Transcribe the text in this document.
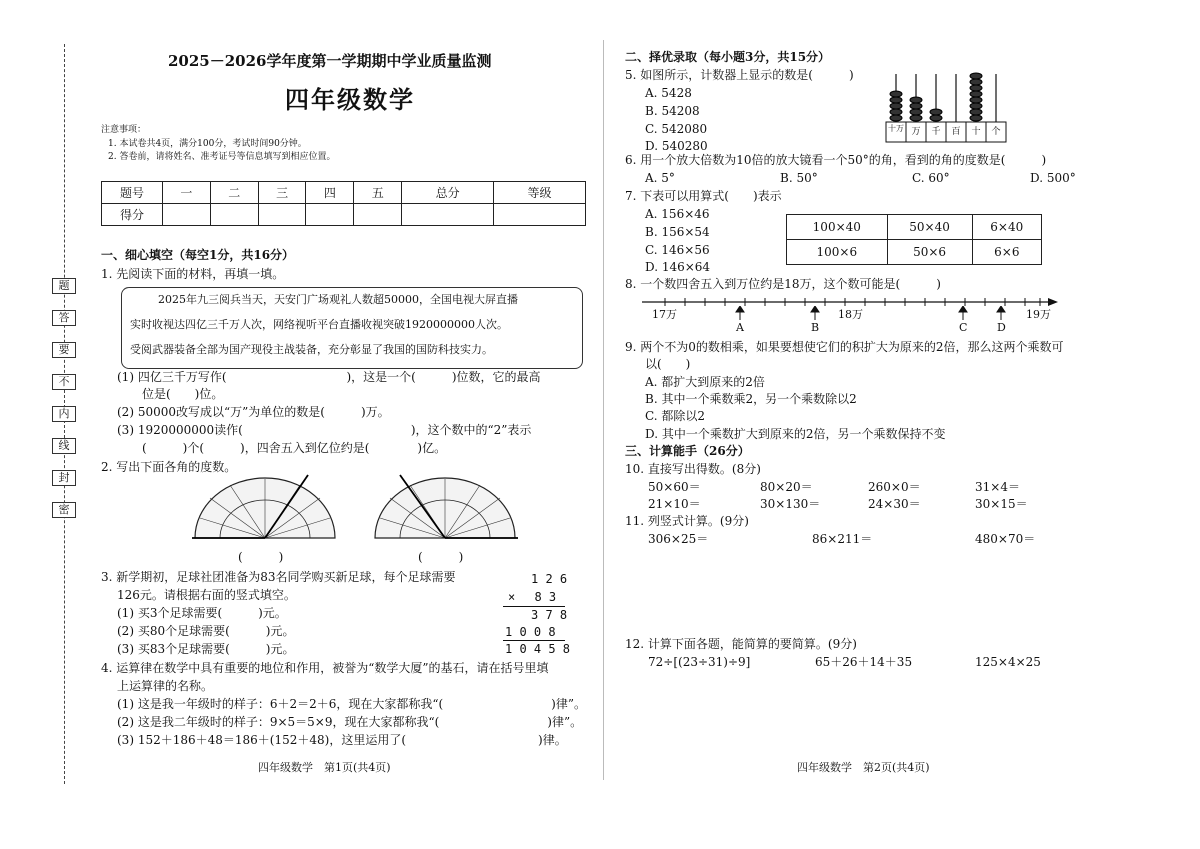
题
答
要
不
内
线
封
密
2025－2026学年度第一学期期中学业质量监测
四年级数学
注意事项：
1. 本试卷共4页，满分100分，考试时间90分钟。
2. 答卷前，请将姓名、准考证号等信息填写到相应位置。
题号	一	二	三	四	五	总分	等级
得分							
一、细心填空（每空1分，共16分）
1. 先阅读下面的材料，再填一填。
2025年九三阅兵当天，天安门广场观礼人数超50000，全国电视大屏直播
实时收视达四亿三千万人次，网络视听平台直播收视突破1920000000人次。
受阅武器装备全部为国产现役主战装备，充分彰显了我国的国防科技实力。
(1) 四亿三千万写作(　　　　　　　　　　)，这是一个(　　　)位数，它的最高
位是(　　)位。
(2) 50000改写成以“万”为单位的数是(　　　)万。
(3) 1920000000读作(　　　　　　　　　　　　　　)，这个数中的“2”表示
(　　　)个(　　　)，四舍五入到亿位约是(　　　　)亿。
2. 写出下面各角的度数。
(　　　)	(　　　)
3. 新学期初，足球社团准备为83名同学购买新足球，每个足球需要
126元。请根据右面的竖式填空。
(1) 买3个足球需要(　　　)元。
(2) 买80个足球需要(　　　)元。
(3) 买83个足球需要(　　　)元。
1 2 6
×　 8 3
3 7 8
1 0 0 8
1 0 4 5 8
4. 运算律在数学中具有重要的地位和作用，被誉为“数学大厦”的基石，请在括号里填
上运算律的名称。
(1) 这是我一年级时的样子：6＋2＝2＋6，现在大家都称我“(　　　　　　　　　)律”。
(2) 这是我二年级时的样子：9×5＝5×9，现在大家都称我“(　　　　　　　　　)律”。
(3) 152＋186＋48＝186＋(152＋48)，这里运用了(　　　　　　　　　　　)律。
四年级数学　第1页(共4页)
二、择优录取（每小题3分，共15分）
5. 如图所示，计数器上显示的数是(　　　)
A. 5428
B. 54208
C. 542080
D. 540280
十万 万	千	百	十	个
6. 用一个放大倍数为10倍的放大镜看一个50°的角，看到的角的度数是(　　　)
A. 5°	B. 50°	C. 60°	D. 500°
7. 下表可以用算式(　　)表示
A. 156×46
B. 156×54
C. 146×56
D. 146×64
100×40	50×40	6×40
100×6	50×6	6×6
8. 一个数四舍五入到万位约是18万，这个数可能是(　　　)
17万	18万	19万
A	B	C	D
9. 两个不为0的数相乘，如果要想使它们的积扩大为原来的2倍，那么这两个乘数可
以(　　)
A. 都扩大到原来的2倍
B. 其中一个乘数乘2，另一个乘数除以2
C. 都除以2
D. 其中一个乘数扩大到原来的2倍，另一个乘数保持不变
三、计算能手（26分）
10. 直接写出得数。(8分)
50×60＝	80×20＝	260×0＝	31×4＝
21×10＝	30×130＝	24×30＝	30×15＝
11. 列竖式计算。(9分)
306×25＝	86×211＝	480×70＝
12. 计算下面各题，能简算的要简算。(9分)
72÷[(23÷31)÷9]	65＋26＋14＋35	125×4×25
四年级数学　第2页(共4页)
